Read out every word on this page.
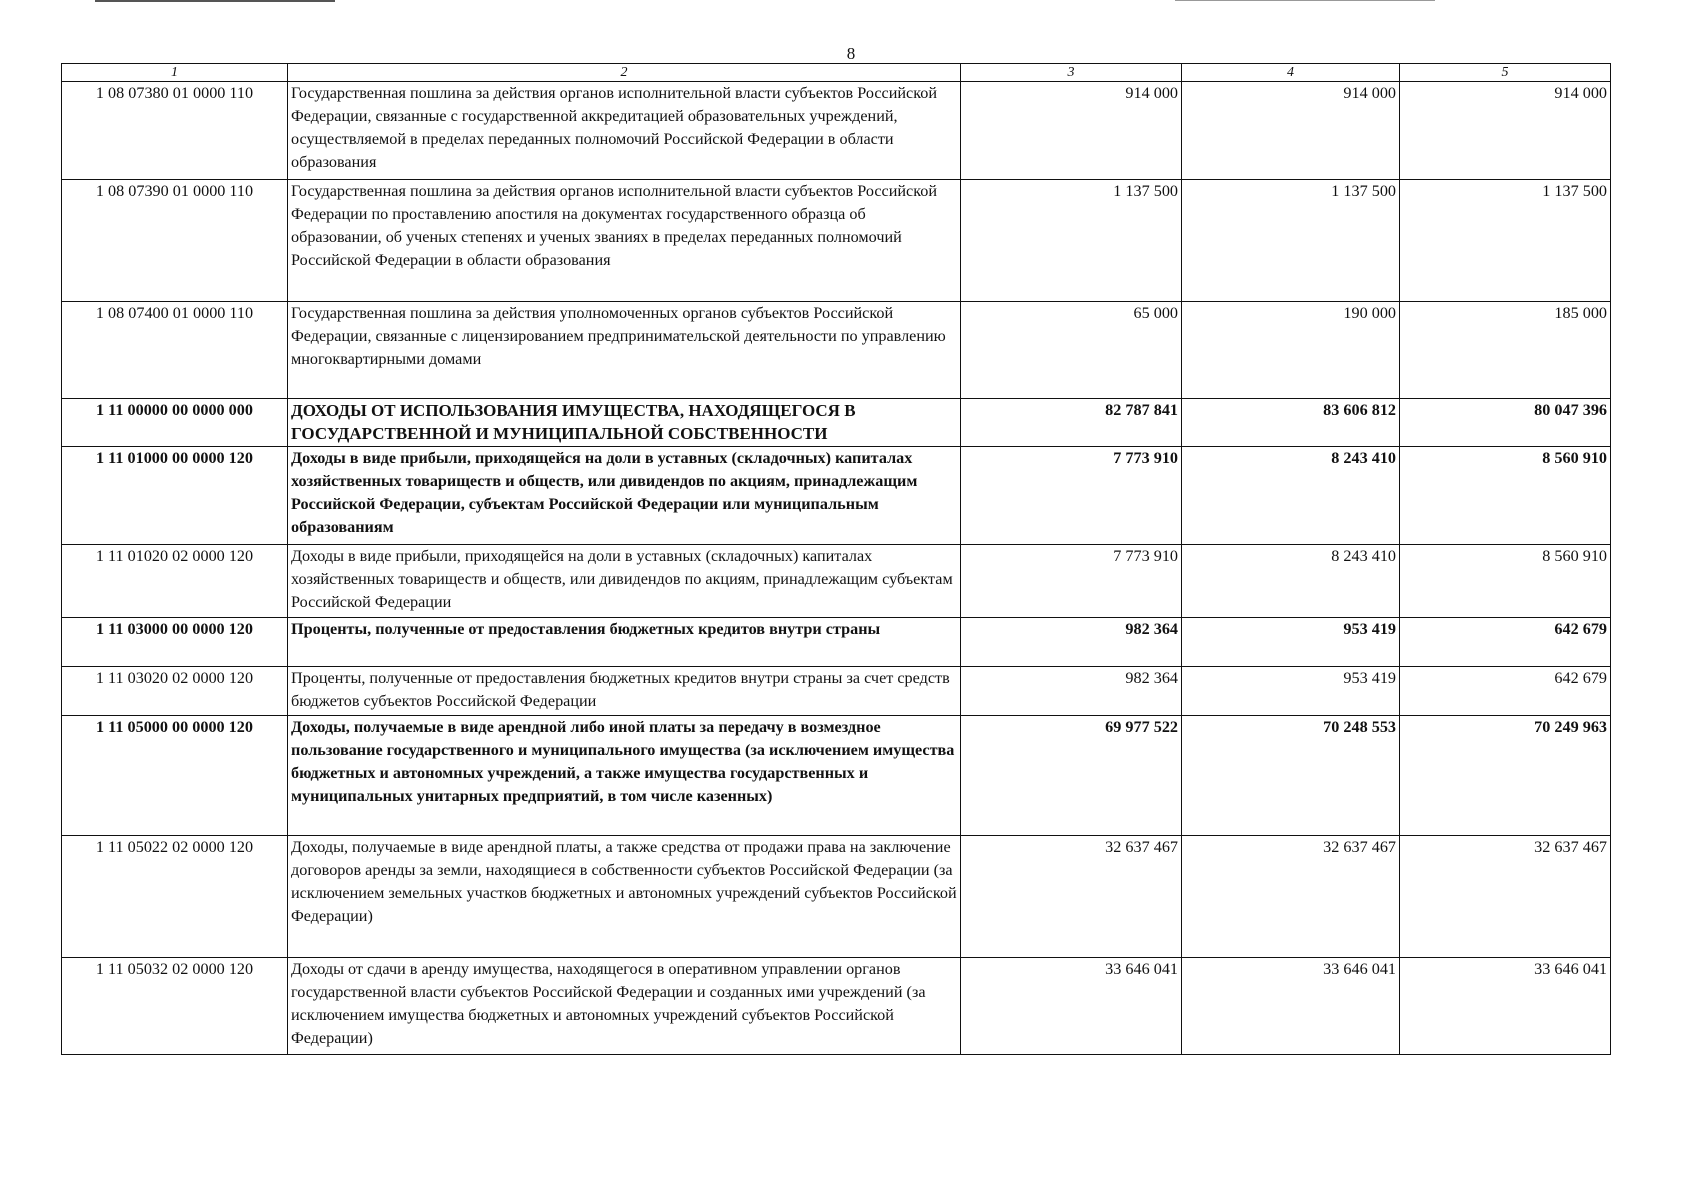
8
1	2	3	4	5
1 08 07380 01 0000 110	Государственная пошлина за действия органов исполнительной власти субъектов Российской Федерации, связанные с государственной аккредитацией образовательных учреждений, осуществляемой в пределах переданных полномочий Российской Федерации в области образования	914 000	914 000	914 000
1 08 07390 01 0000 110	Государственная пошлина за действия органов исполнительной власти субъектов Российской Федерации по проставлению апостиля на документах государственного образца об образовании, об ученых степенях и ученых званиях в пределах переданных полномочий Российской Федерации в области образования	1 137 500	1 137 500	1 137 500
1 08 07400 01 0000 110	Государственная пошлина за действия уполномоченных органов субъектов Российской Федерации, связанные с лицензированием предпринимательской деятельности по управлению многоквартирными домами	65 000	190 000	185 000
1 11 00000 00 0000 000	ДОХОДЫ ОТ ИСПОЛЬЗОВАНИЯ ИМУЩЕСТВА, НАХОДЯЩЕГОСЯ В ГОСУДАРСТВЕННОЙ И МУНИЦИПАЛЬНОЙ СОБСТВЕННОСТИ	82 787 841	83 606 812	80 047 396
1 11 01000 00 0000 120	Доходы в виде прибыли, приходящейся на доли в уставных (складочных) капиталах хозяйственных товариществ и обществ, или дивидендов по акциям, принадлежащим Российской Федерации, субъектам Российской Федерации или муниципальным образованиям	7 773 910	8 243 410	8 560 910
1 11 01020 02 0000 120	Доходы в виде прибыли, приходящейся на доли в уставных (складочных) капиталах хозяйственных товариществ и обществ, или дивидендов по акциям, принадлежащим субъектам Российской Федерации	7 773 910	8 243 410	8 560 910
1 11 03000 00 0000 120	Проценты, полученные от предоставления бюджетных кредитов внутри страны	982 364	953 419	642 679
1 11 03020 02 0000 120	Проценты, полученные от предоставления бюджетных кредитов внутри страны за счет средств бюджетов субъектов Российской Федерации	982 364	953 419	642 679
1 11 05000 00 0000 120	Доходы, получаемые в виде арендной либо иной платы за передачу в возмездное пользование государственного и муниципального имущества (за исключением имущества бюджетных и автономных учреждений, а также имущества государственных и муниципальных унитарных предприятий, в том числе казенных)	69 977 522	70 248 553	70 249 963
1 11 05022 02 0000 120	Доходы, получаемые в виде арендной платы, а также средства от продажи права на заключение договоров аренды за земли, находящиеся в собственности субъектов Российской Федерации (за исключением земельных участков бюджетных и автономных учреждений субъектов Российской Федерации)	32 637 467	32 637 467	32 637 467
1 11 05032 02 0000 120	Доходы от сдачи в аренду имущества, находящегося в оперативном управлении органов государственной власти субъектов Российской Федерации и созданных ими учреждений (за исключением имущества бюджетных и автономных учреждений субъектов Российской Федерации)	33 646 041	33 646 041	33 646 041
